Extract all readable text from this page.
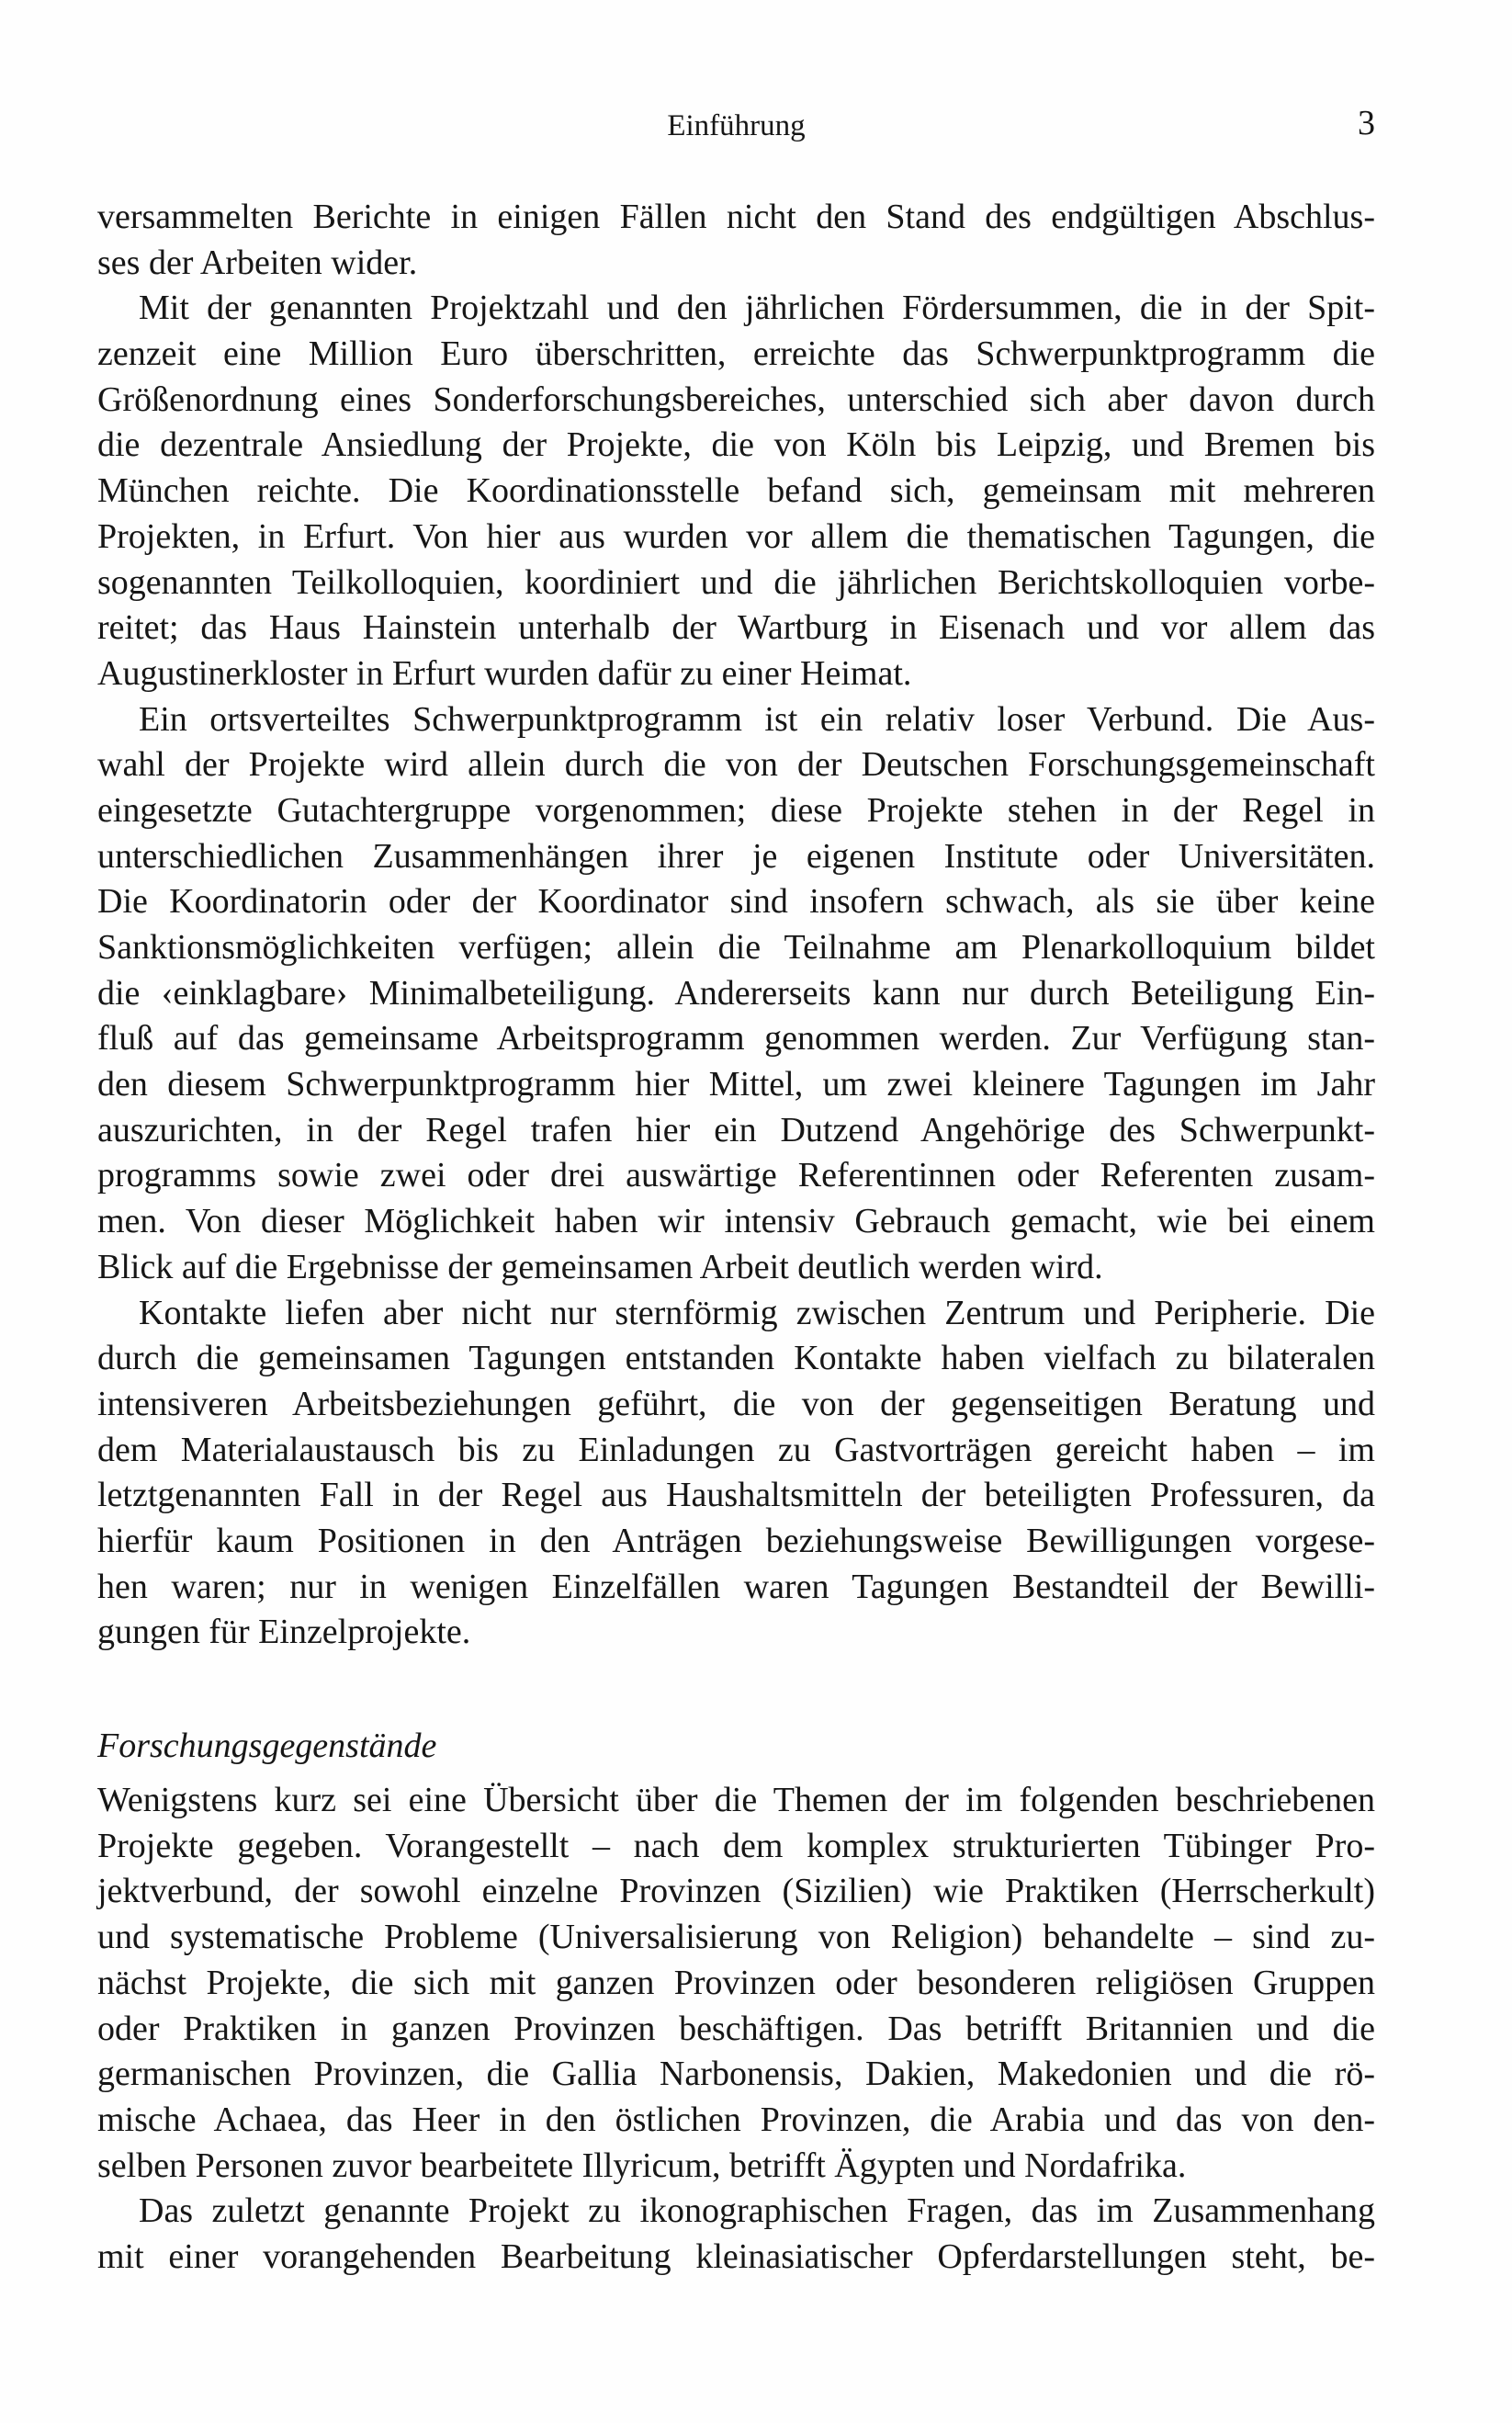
Einführung	3
versammelten Berichte in einigen Fällen nicht den Stand des endgültigen Abschlus-
ses der Arbeiten wider.
Mit der genannten Projektzahl und den jährlichen Fördersummen, die in der Spit-
zenzeit eine Million Euro überschritten, erreichte das Schwerpunktprogramm die
Größenordnung eines Sonderforschungsbereiches, unterschied sich aber davon durch
die dezentrale Ansiedlung der Projekte, die von Köln bis Leipzig, und Bremen bis
München reichte. Die Koordinationsstelle befand sich, gemeinsam mit mehreren
Projekten, in Erfurt. Von hier aus wurden vor allem die thematischen Tagungen, die
sogenannten Teilkolloquien, koordiniert und die jährlichen Berichtskolloquien vorbe-
reitet; das Haus Hainstein unterhalb der Wartburg in Eisenach und vor allem das
Augustinerkloster in Erfurt wurden dafür zu einer Heimat.
Ein ortsverteiltes Schwerpunktprogramm ist ein relativ loser Verbund. Die Aus-
wahl der Projekte wird allein durch die von der Deutschen Forschungsgemeinschaft
eingesetzte Gutachtergruppe vorgenommen; diese Projekte stehen in der Regel in
unterschiedlichen Zusammenhängen ihrer je eigenen Institute oder Universitäten.
Die Koordinatorin oder der Koordinator sind insofern schwach, als sie über keine
Sanktionsmöglichkeiten verfügen; allein die Teilnahme am Plenarkolloquium bildet
die ‹einklagbare› Minimalbeteiligung. Andererseits kann nur durch Beteiligung Ein-
fluß auf das gemeinsame Arbeitsprogramm genommen werden. Zur Verfügung stan-
den diesem Schwerpunktprogramm hier Mittel, um zwei kleinere Tagungen im Jahr
auszurichten, in der Regel trafen hier ein Dutzend Angehörige des Schwerpunkt-
programms sowie zwei oder drei auswärtige Referentinnen oder Referenten zusam-
men. Von dieser Möglichkeit haben wir intensiv Gebrauch gemacht, wie bei einem
Blick auf die Ergebnisse der gemeinsamen Arbeit deutlich werden wird.
Kontakte liefen aber nicht nur sternförmig zwischen Zentrum und Peripherie. Die
durch die gemeinsamen Tagungen entstanden Kontakte haben vielfach zu bilateralen
intensiveren Arbeitsbeziehungen geführt, die von der gegenseitigen Beratung und
dem Materialaustausch bis zu Einladungen zu Gastvorträgen gereicht haben – im
letztgenannten Fall in der Regel aus Haushaltsmitteln der beteiligten Professuren, da
hierfür kaum Positionen in den Anträgen beziehungsweise Bewilligungen vorgese-
hen waren; nur in wenigen Einzelfällen waren Tagungen Bestandteil der Bewilli-
gungen für Einzelprojekte.
Forschungsgegenstände
Wenigstens kurz sei eine Übersicht über die Themen der im folgenden beschriebenen
Projekte gegeben. Vorangestellt – nach dem komplex strukturierten Tübinger Pro-
jektverbund, der sowohl einzelne Provinzen (Sizilien) wie Praktiken (Herrscherkult)
und systematische Probleme (Universalisierung von Religion) behandelte – sind zu-
nächst Projekte, die sich mit ganzen Provinzen oder besonderen religiösen Gruppen
oder Praktiken in ganzen Provinzen beschäftigen. Das betrifft Britannien und die
germanischen Provinzen, die Gallia Narbonensis, Dakien, Makedonien und die rö-
mische Achaea, das Heer in den östlichen Provinzen, die Arabia und das von den-
selben Personen zuvor bearbeitete Illyricum, betrifft Ägypten und Nordafrika.
Das zuletzt genannte Projekt zu ikonographischen Fragen, das im Zusammenhang
mit einer vorangehenden Bearbeitung kleinasiatischer Opferdarstellungen steht, be-
